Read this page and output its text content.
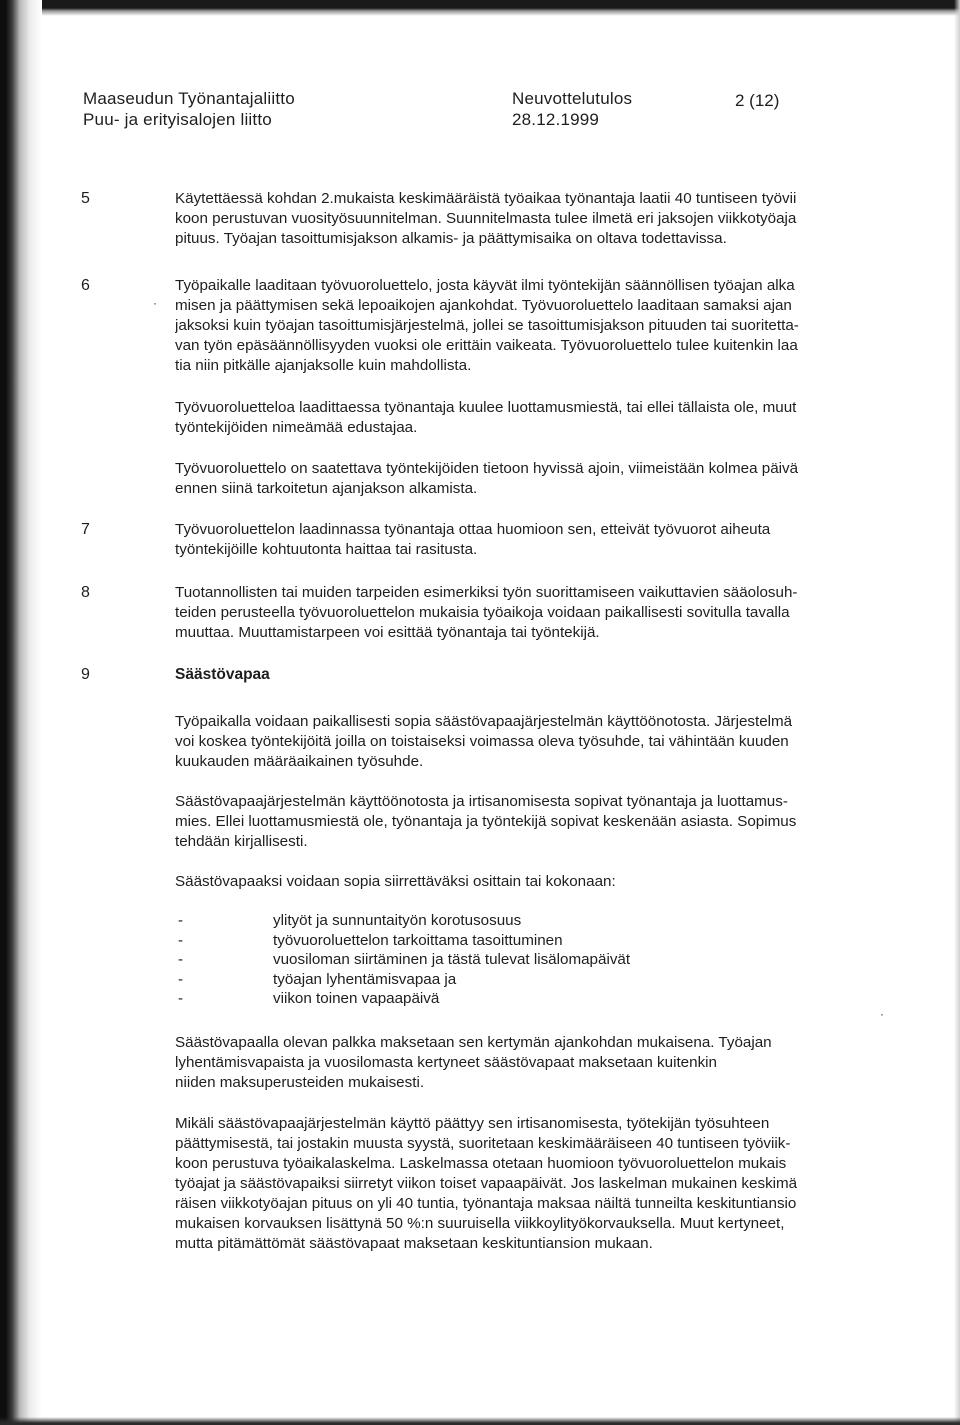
Maaseudun Työnantajaliitto
Puu- ja erityisalojen liitto
Neuvottelutulos
28.12.1999
2 (12)
5	Käytettäessä kohdan 2.mukaista keskimääräistä työaikaa työnantaja laatii 40 tuntiseen työvii
koon perustuvan vuosityösuunnitelman. Suunnitelmasta tulee ilmetä eri jaksojen viikkotyöaja
pituus. Työajan tasoittumisjakson alkamis- ja päättymisaika on oltava todettavissa.
6	Työpaikalle laaditaan työvuoroluettelo, josta käyvät ilmi työntekijän säännöllisen työajan alka
misen ja päättymisen sekä lepoaikojen ajankohdat. Työvuoroluettelo laaditaan samaksi ajan
jaksoksi kuin työajan tasoittumisjärjestelmä, jollei se tasoittumisjakson pituuden tai suoritetta-
van työn epäsäännöllisyyden vuoksi ole erittäin vaikeata. Työvuoroluettelo tulee kuitenkin laa
tia niin pitkälle ajanjaksolle kuin mahdollista.
Työvuoroluetteloa laadittaessa työnantaja kuulee luottamusmiestä, tai ellei tällaista ole, muut
työntekijöiden nimeämää edustajaa.
Työvuoroluettelo on saatettava työntekijöiden tietoon hyvissä ajoin, viimeistään kolmea päivä
ennen siinä tarkoitetun ajanjakson alkamista.
7	Työvuoroluettelon laadinnassa työnantaja ottaa huomioon sen, etteivät työvuorot aiheuta
työntekijöille kohtuutonta haittaa tai rasitusta.
8	Tuotannollisten tai muiden tarpeiden esimerkiksi työn suorittamiseen vaikuttavien sääolosuh-
teiden perusteella työvuoroluettelon mukaisia työaikoja voidaan paikallisesti sovitulla tavalla
muuttaa. Muuttamistarpeen voi esittää työnantaja tai työntekijä.
9	Säästövapaa
Työpaikalla voidaan paikallisesti sopia säästövapaajärjestelmän käyttöönotosta. Järjestelmä
voi koskea työntekijöitä joilla on toistaiseksi voimassa oleva työsuhde, tai vähintään kuuden
kuukauden määräaikainen työsuhde.
Säästövapaajärjestelmän käyttöönotosta ja irtisanomisesta sopivat työnantaja ja luottamus-
mies. Ellei luottamusmiestä ole, työnantaja ja työntekijä sopivat keskenään asiasta. Sopimus
tehdään kirjallisesti.
Säästövapaaksi voidaan sopia siirrettäväksi osittain tai kokonaan:
-	ylityöt ja sunnuntaityön korotusosuus
-	työvuoroluettelon tarkoittama tasoittuminen
-	vuosiloman siirtäminen ja tästä tulevat lisälomapäivät
-	työajan lyhentämisvapaa ja
-	viikon toinen vapaapäivä
Säästövapaalla olevan palkka maksetaan sen kertymän ajankohdan mukaisena. Työajan
lyhentämisvapaista ja vuosilomasta kertyneet säästövapaat maksetaan kuitenkin
niiden maksuperusteiden mukaisesti.
Mikäli säästövapaajärjestelmän käyttö päättyy sen irtisanomisesta, työtekijän työsuhteen
päättymisestä, tai jostakin muusta syystä, suoritetaan keskimääräiseen 40 tuntiseen työviik-
koon perustuva työaikalaskelma. Laskelmassa otetaan huomioon työvuoroluettelon mukais
työajat ja säästövapaiksi siirretyt viikon toiset vapaapäivät. Jos laskelman mukainen keskimä
räisen viikkotyöajan pituus on yli 40 tuntia, työnantaja maksaa näiltä tunneilta keskituntiansio
mukaisen korvauksen lisättynä 50 %:n suuruisella viikkoylityökorvauksella. Muut kertyneet,
mutta pitämättömät säästövapaat maksetaan keskituntiansion mukaan.
·
·
